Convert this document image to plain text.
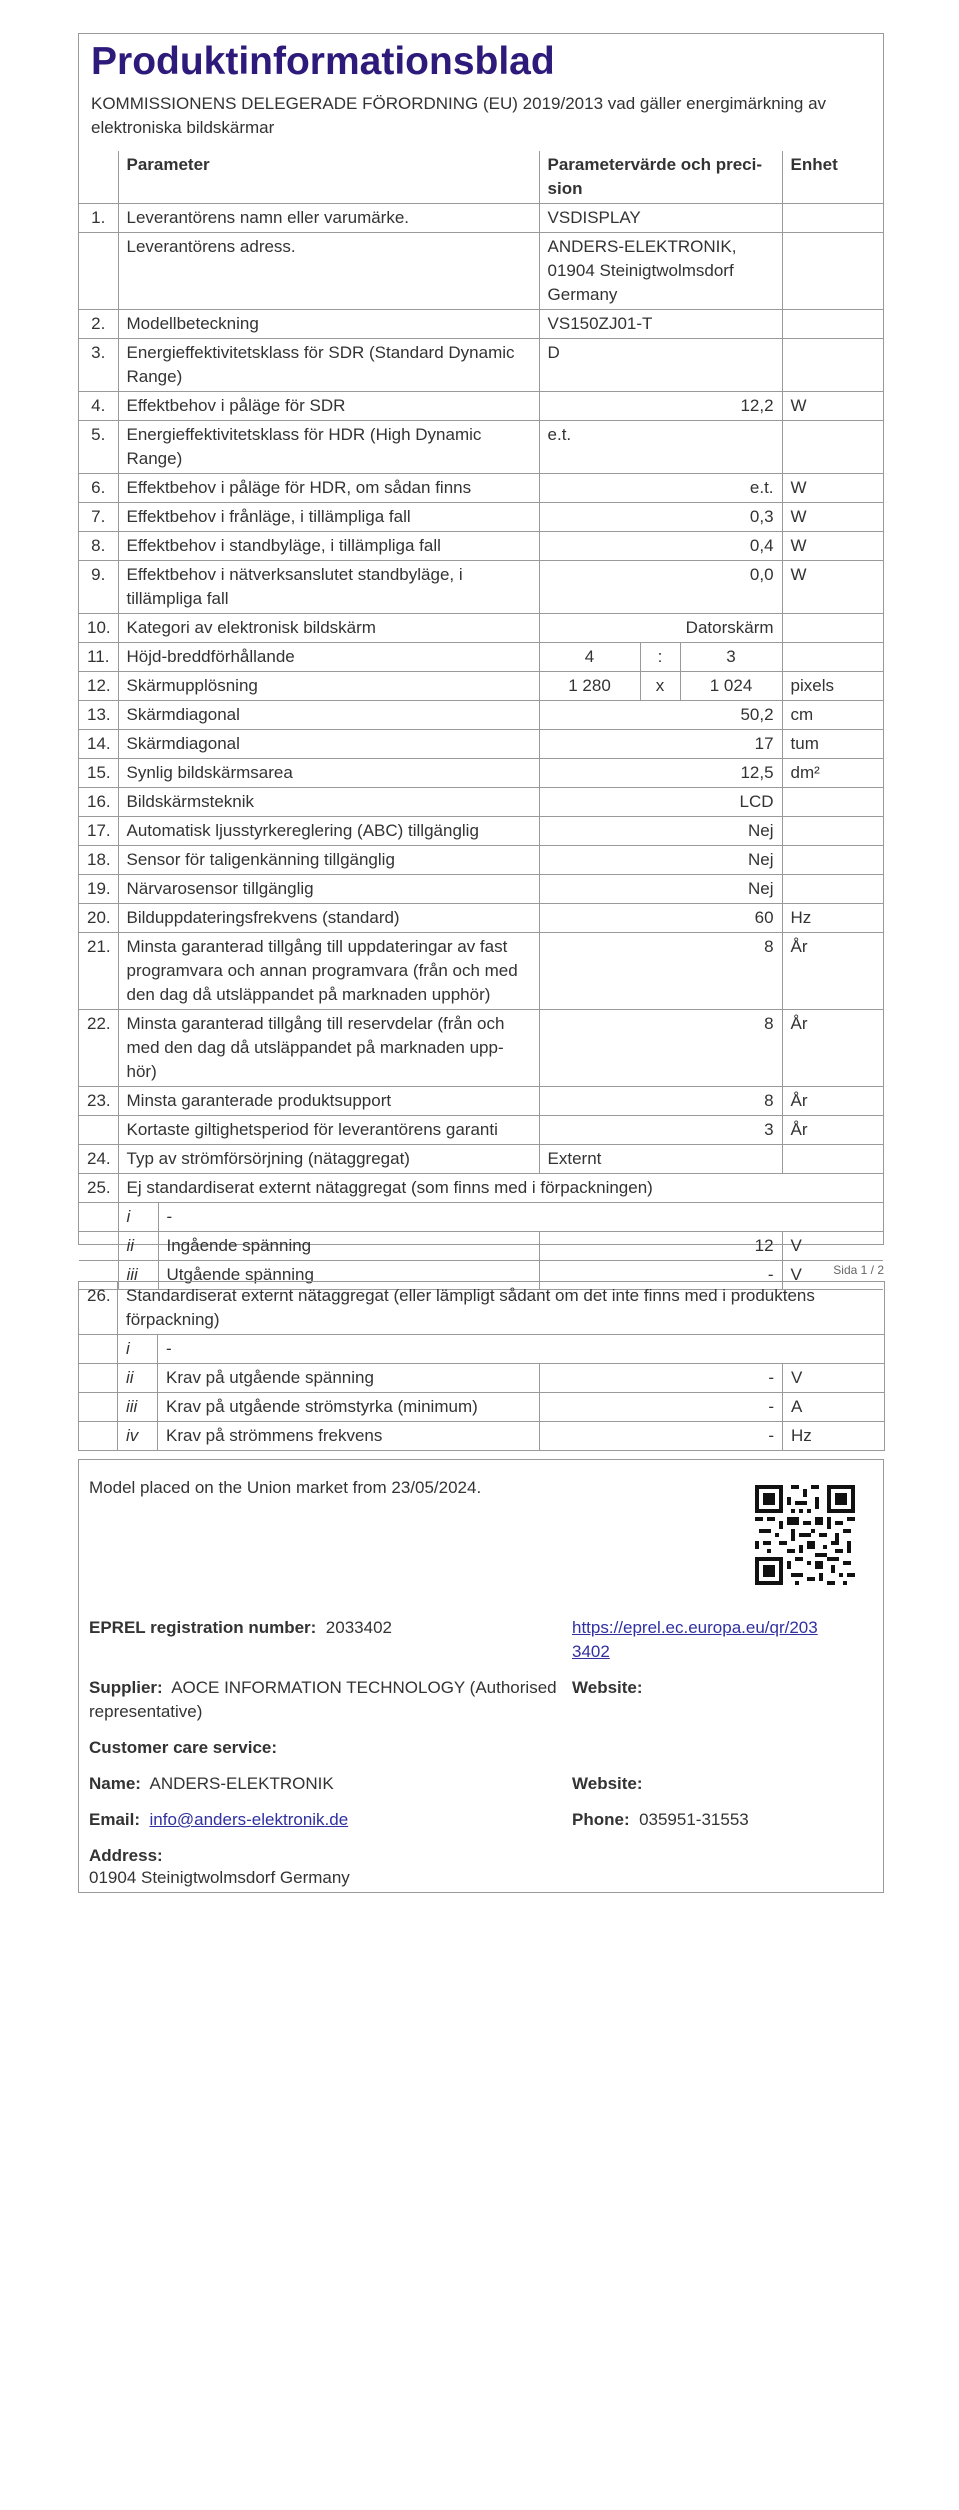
Produktinformationsblad
KOMMISSIONENS DELEGERADE FÖRORDNING (EU) 2019/2013 vad gäller energimärkning av elektroniska bildskärmar
	Parameter		Parametervärde och preci-sion			Enhet
1.	Leverantörens namn eller varumärke.		VSDISPLAY			
	Leverantörens adress.		ANDERS-ELEKTRONIK, 01904 Steinigtwolmsdorf Germany			
2.	Modellbeteckning		VS150ZJ01-T			
3.	Energieffektivitetsklass för SDR (Standard Dynamic Range)		D			
4.	Effektbehov i påläge för SDR		12,2			W
5.	Energieffektivitetsklass för HDR (High Dynamic Range)		e.t.			
6.	Effektbehov i påläge för HDR, om sådan finns		e.t.			W
7.	Effektbehov i frånläge, i tillämpliga fall		0,3			W
8.	Effektbehov i standbyläge, i tillämpliga fall		0,4			W
9.	Effektbehov i nätverksanslutet standbyläge, i tillämpliga fall		0,0			W
10.	Kategori av elektronisk bildskärm		Datorskärm			
11.	Höjd-breddförhållande		4	:	3	
12.	Skärmupplösning		1 280	x	1 024	pixels
13.	Skärmdiagonal		50,2			cm
14.	Skärmdiagonal		17			tum
15.	Synlig bildskärmsarea		12,5			dm²
16.	Bildskärmsteknik		LCD			
17.	Automatisk ljusstyrkereglering (ABC) tillgänglig		Nej			
18.	Sensor för taligenkänning tillgänglig		Nej			
19.	Närvarosensor tillgänglig		Nej			
20.	Bilduppdateringsfrekvens (standard)		60			Hz
21.	Minsta garanterad tillgång till uppdateringar av fast programvara och annan programvara (från och med den dag då utsläppandet på marknaden upphör)		8			År
22.	Minsta garanterad tillgång till reservdelar (från och med den dag då utsläppandet på marknaden upp-hör)		8			År
23.	Minsta garanterade produktsupport		8			År
	Kortaste giltighetsperiod för leverantörens garanti		3			År
24.	Typ av strömförsörjning (nätaggregat)		Externt			
25.	Ej standardiserat externt nätaggregat (som finns med i förpackningen)					
	i	-				
	ii	Ingående spänning	12			V
	iii	Utgående spänning	-			V	Sida 1 / 2
26.	Standardiserat externt nätaggregat (eller lämpligt sådant om det inte finns med i produktens förpackning)			
	i	-		
	ii	Krav på utgående spänning	-	V
	iii	Krav på utgående strömstyrka (minimum)	-	A
	iv	Krav på strömmens frekvens	-	Hz
Model placed on the Union market from 23/05/2024.
EPREL registration number: 2033402	https://eprel.ec.europa.eu/qr/2033402
Supplier: AOCE INFORMATION TECHNOLOGY (Authorised representative)
Website:
Customer care service:
Name: ANDERS-ELEKTRONIK	Website:
Email: info@anders-elektronik.de	Phone: 035951-31553
Address:
01904 Steinigtwolmsdorf Germany
